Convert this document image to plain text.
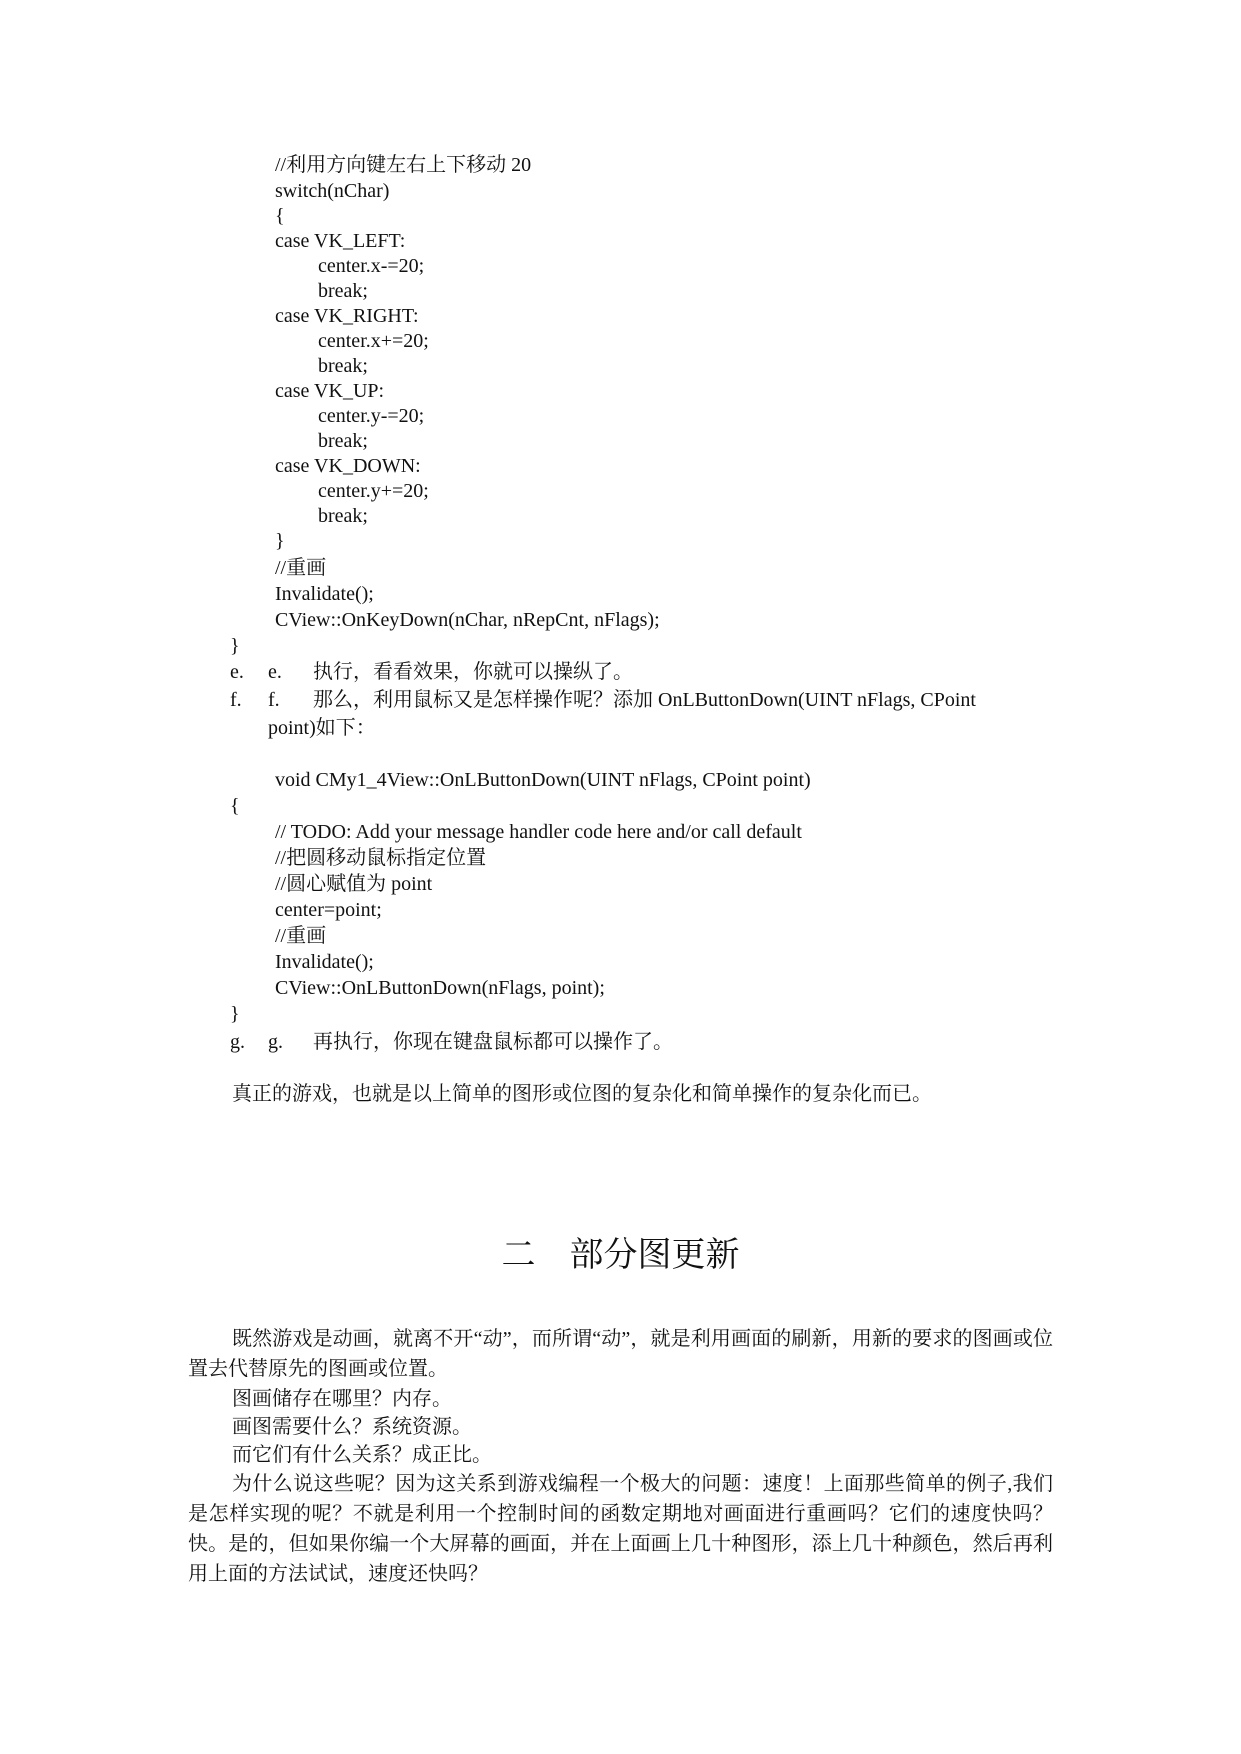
//利用方向键左右上下移动 20
switch(nChar)
{
case VK_LEFT:
center.x-=20;
break;
case VK_RIGHT:
center.x+=20;
break;
case VK_UP:
center.y-=20;
break;
case VK_DOWN:
center.y+=20;
break;
}
//重画
Invalidate();
CView::OnKeyDown(nChar, nRepCnt, nFlags);
}
e. e. 执行，看看效果，你就可以操纵了。
f. f. 那么，利用鼠标又是怎样操作呢？添加 OnLButtonDown(UINT nFlags, CPoint
point)如下：
void CMy1_4View::OnLButtonDown(UINT nFlags, CPoint point)
{
// TODO: Add your message handler code here and/or call default
//把圆移动鼠标指定位置
//圆心赋值为 point
center=point;
//重画
Invalidate();
CView::OnLButtonDown(nFlags, point);
}
g. g. 再执行，你现在键盘鼠标都可以操作了。
真正的游戏，也就是以上简单的图形或位图的复杂化和简单操作的复杂化而已。
二　部分图更新

既然游戏是动画，就离不开“动”，而所谓“动”，就是利用画面的刷新，用新的要求的图画或位置去代替原先的图画或位置。

图画储存在哪里？内存。

画图需要什么？系统资源。

而它们有什么关系？成正比。

为什么说这些呢？因为这关系到游戏编程一个极大的问题：速度！上面那些简单的例子,我们是怎样实现的呢？不就是利用一个控制时间的函数定期地对画面进行重画吗？它们的速度快吗？快。是的，但如果你编一个大屏幕的画面，并在上面画上几十种图形，添上几十种颜色，然后再利用上面的方法试试，速度还快吗？
